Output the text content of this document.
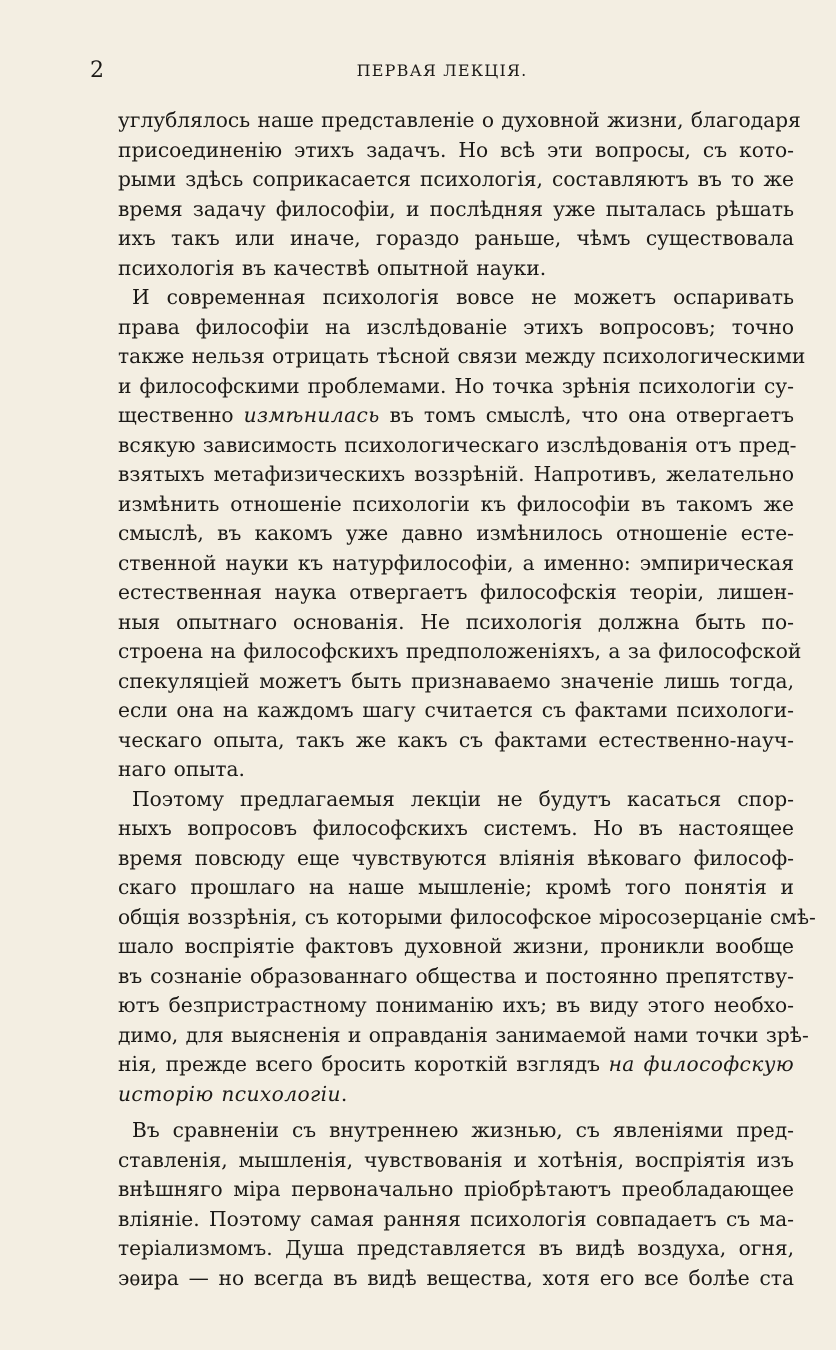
2	ПЕРВАЯ ЛЕКЦІЯ.
углублялось наше представленіе о духовной жизни, благодаря
присоединенію этихъ задачъ. Но всѣ эти вопросы, съ кото-
рыми здѣсь соприкасается психологія, составляютъ въ то же
время задачу философіи, и послѣдняя уже пыталась рѣшать
ихъ такъ или иначе, гораздо раньше, чѣмъ существовала
психологія въ качествѣ опытной науки.
И современная психологія вовсе не можетъ оспаривать
права философіи на изслѣдованіе этихъ вопросовъ; точно
также нельзя отрицать тѣсной связи между психологическими
и философскими проблемами. Но точка зрѣнія психологіи су-
щественно измѣнилась въ томъ смыслѣ, что она отвергаетъ
всякую зависимость психологическаго изслѣдованія отъ пред-
взятыхъ метафизическихъ воззрѣній. Напротивъ, желательно
измѣнить отношеніе психологіи къ философіи въ такомъ же
смыслѣ, въ какомъ уже давно измѣнилось отношеніе есте-
ственной науки къ натурфилософіи, а именно: эмпирическая
естественная наука отвергаетъ философскія теоріи, лишен-
ныя опытнаго основанія. Не психологія должна быть по-
строена на философскихъ предположеніяхъ, а за философской
спекуляціей можетъ быть признаваемо значеніе лишь тогда,
если она на каждомъ шагу считается съ фактами психологи-
ческаго опыта, такъ же какъ съ фактами естественно-науч-
наго опыта.
Поэтому предлагаемыя лекціи не будутъ касаться спор-
ныхъ вопросовъ философскихъ системъ. Но въ настоящее
время повсюду еще чувствуются вліянія вѣковаго философ-
скаго прошлаго на наше мышленіе; кромѣ того понятія и
общія воззрѣнія, съ которыми философское міросозерцаніе смѣ-
шало воспріятіе фактовъ духовной жизни, проникли вообще
въ сознаніе образованнаго общества и постоянно препятству-
ютъ безпристрастному пониманію ихъ; въ виду этого необхо-
димо, для выясненія и оправданія занимаемой нами точки зрѣ-
нія, прежде всего бросить короткій взглядъ на философскую
исторію психологіи.
Въ сравненіи съ внутреннею жизнью, съ явленіями пред-
ставленія, мышленія, чувствованія и хотѣнія, воспріятія изъ
внѣшняго міра первоначально пріобрѣтаютъ преобладающее
вліяніе. Поэтому самая ранняя психологія совпадаетъ съ ма-
теріализмомъ. Душа представляется въ видѣ воздуха, огня,
эѳира — но всегда въ видѣ вещества, хотя его все болѣе ста
